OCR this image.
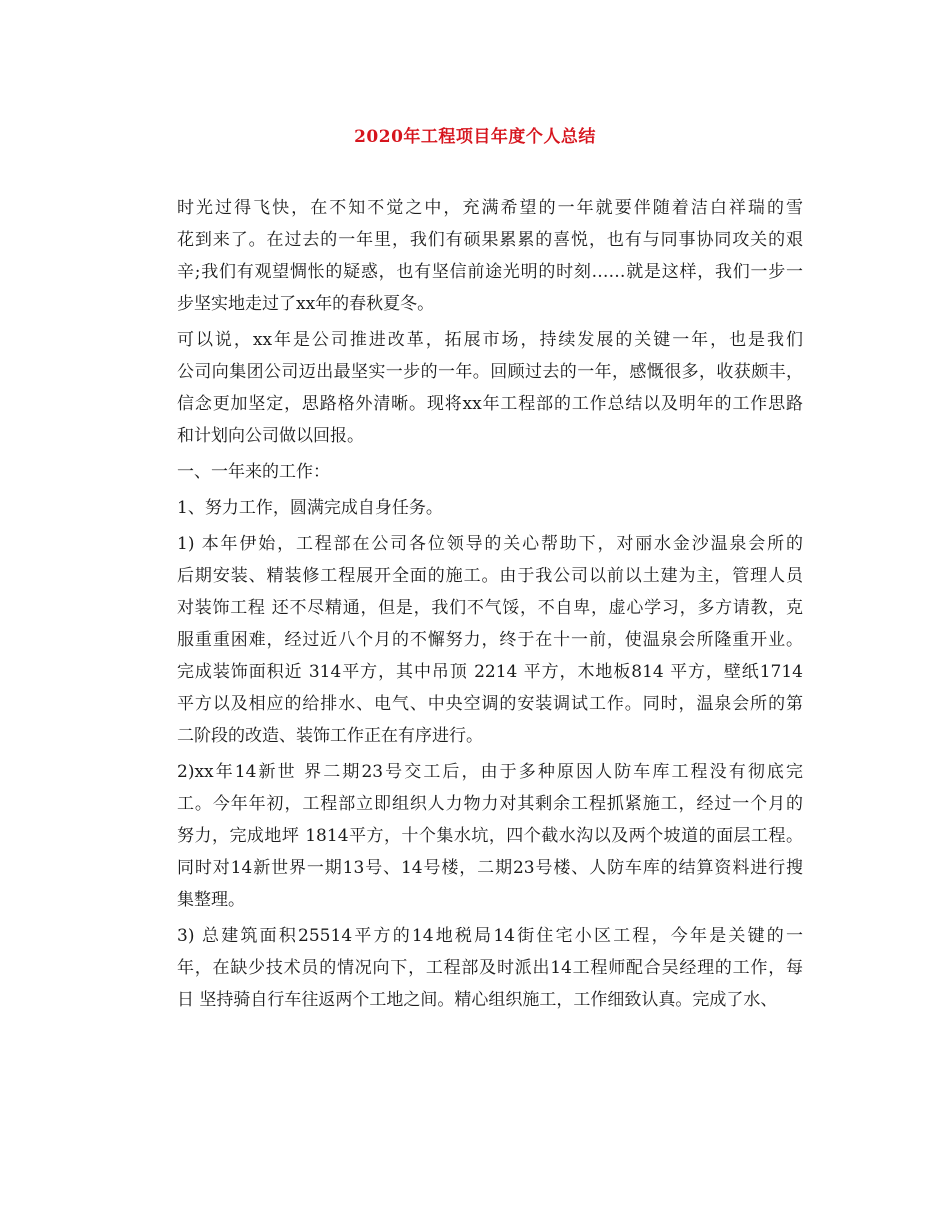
2020年工程项目年度个人总结
时光过得飞快，在不知不觉之中，充满希望的一年就要伴随着洁白祥瑞的雪
花到来了。在过去的一年里，我们有硕果累累的喜悦，也有与同事协同攻关的艰
辛;我们有观望惆怅的疑惑，也有坚信前途光明的时刻……就是这样，我们一步一
步坚实地走过了xx年的春秋夏冬。
可以说，xx年是公司推进改革，拓展市场，持续发展的关键一年，也是我们
公司向集团公司迈出最坚实一步的一年。回顾过去的一年，感慨很多，收获颇丰，
信念更加坚定，思路格外清晰。现将xx年工程部的工作总结以及明年的工作思路
和计划向公司做以回报。
一、一年来的工作：
1、努力工作，圆满完成自身任务。
1) 本年伊始，工程部在公司各位领导的关心帮助下，对丽水金沙温泉会所的
后期安装、精装修工程展开全面的施工。由于我公司以前以土建为主，管理人员
对装饰工程 还不尽精通，但是，我们不气馁，不自卑，虚心学习，多方请教，克
服重重困难，经过近八个月的不懈努力，终于在十一前，使温泉会所隆重开业。
完成装饰面积近 314平方，其中吊顶 2214 平方，木地板814 平方，壁纸1714
平方以及相应的给排水、电气、中央空调的安装调试工作。同时，温泉会所的第
二阶段的改造、装饰工作正在有序进行。
2)xx年14新世 界二期23号交工后，由于多种原因人防车库工程没有彻底完
工。今年年初，工程部立即组织人力物力对其剩余工程抓紧施工，经过一个月的
努力，完成地坪 1814平方，十个集水坑，四个截水沟以及两个坡道的面层工程。
同时对14新世界一期13号、14号楼，二期23号楼、人防车库的结算资料进行搜
集整理。
3) 总建筑面积25514平方的14地税局14街住宅小区工程，今年是关键的一
年，在缺少技术员的情况向下，工程部及时派出14工程师配合吴经理的工作，每
日 坚持骑自行车往返两个工地之间。精心组织施工，工作细致认真。完成了水、
